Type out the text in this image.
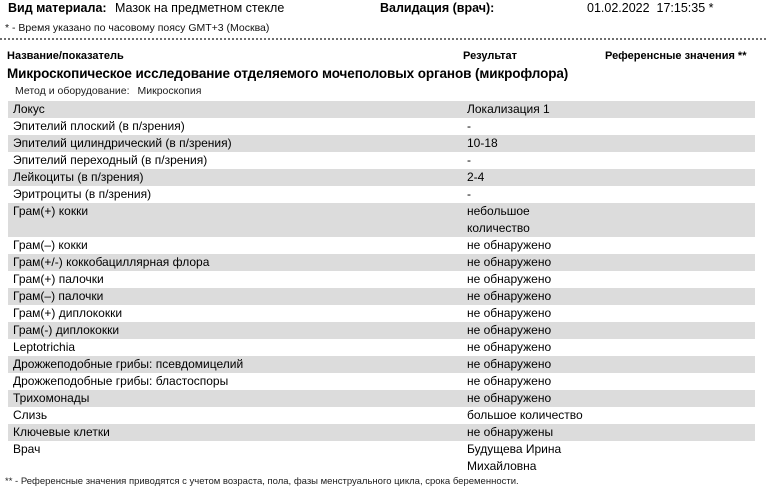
Вид материала: Мазок на предметном стекле	Валидация (врач):	01.02.2022  17:15:35 *
* - Время указано по часовому поясу GMT+3 (Москва)
Название/показатель	Результат	Референсные значения **
Микроскопическое исследование отделяемого мочеполовых органов (микрофлора)
Метод и оборудование: Микроскопия
Локус	Локализация 1
Эпителий плоский (в п/зрения)	-
Эпителий цилиндрический (в п/зрения)	10-18
Эпителий переходный (в п/зрения)	-
Лейкоциты (в п/зрения)	2-4
Эритроциты (в п/зрения)	-
Грам(+) кокки	небольшое количество
Грам(–) кокки	не обнаружено
Грам(+/-) коккобациллярная флора	не обнаружено
Грам(+) палочки	не обнаружено
Грам(–) палочки	не обнаружено
Грам(+) диплококки	не обнаружено
Грам(-) диплококки	не обнаружено
Leptotrichia	не обнаружено
Дрожжеподобные грибы: псевдомицелий	не обнаружено
Дрожжеподобные грибы: бластоспоры	не обнаружено
Трихомонады	не обнаружено
Слизь	большое количество
Ключевые клетки	не обнаружены
Врач	Будущева Ирина Михайловна
** - Референсные значения приводятся с учетом возраста, пола, фазы менструального цикла, срока беременности.
